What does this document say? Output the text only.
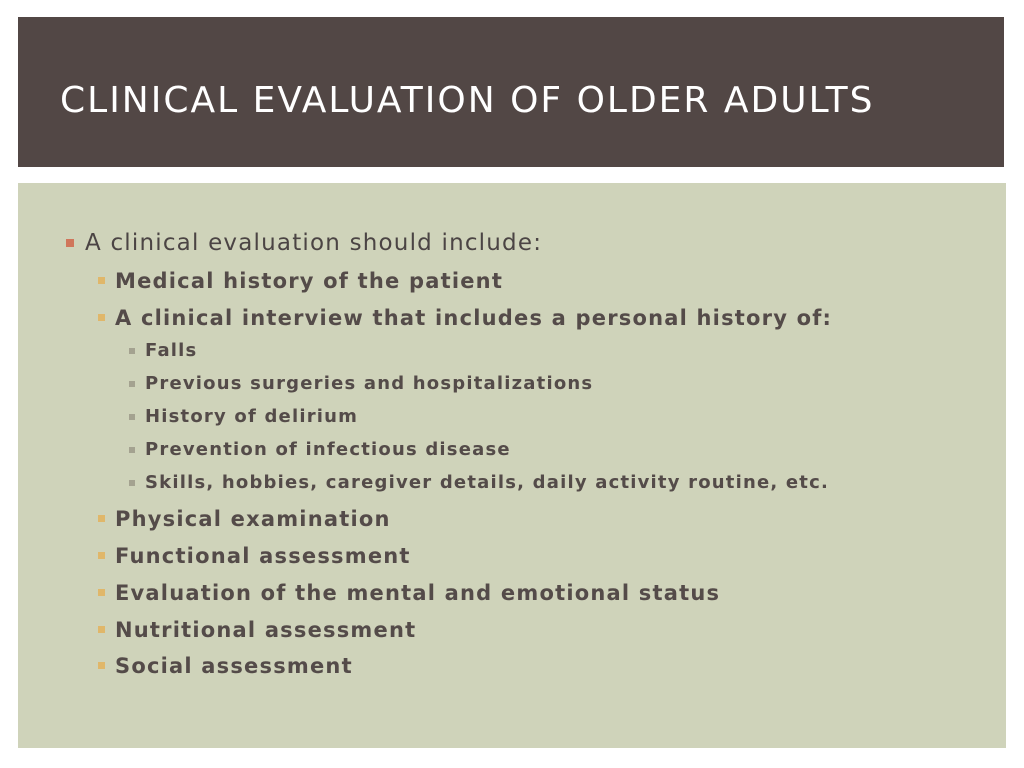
CLINICAL EVALUATION OF OLDER ADULTS
A clinical evaluation should include:
Medical history of the patient
A clinical interview that includes a personal history of:
Falls
Previous surgeries and hospitalizations
History of delirium
Prevention of infectious disease
Skills, hobbies, caregiver details, daily activity routine, etc.
Physical examination
Functional assessment
Evaluation of the mental and emotional status
Nutritional assessment
Social assessment
